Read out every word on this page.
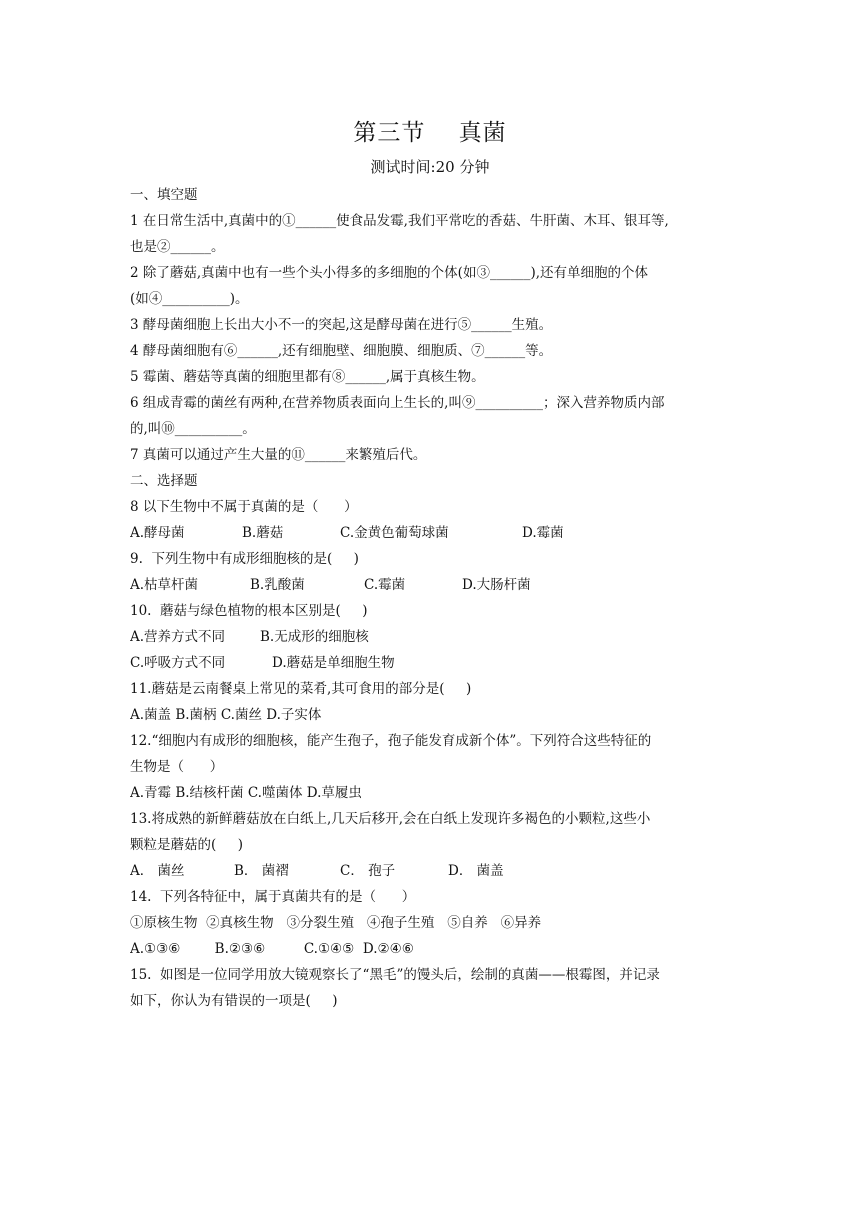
第三节    真菌
测试时间:20 分钟
一、填空题
1 在日常生活中,真菌中的①______使食品发霉,我们平常吃的香菇、牛肝菌、木耳、银耳等,
也是②______。
2 除了蘑菇,真菌中也有一些个头小得多的多细胞的个体(如③______),还有单细胞的个体
(如④__________)。
3 酵母菌细胞上长出大小不一的突起,这是酵母菌在进行⑤______生殖。
4 酵母菌细胞有⑥______,还有细胞壁、细胞膜、细胞质、⑦______等。
5 霉菌、蘑菇等真菌的细胞里都有⑧______,属于真核生物。
6 组成青霉的菌丝有两种,在营养物质表面向上生长的,叫⑨__________；深入营养物质内部
的,叫⑩__________。
7 真菌可以通过产生大量的⑪______来繁殖后代。
二、选择题
8 以下生物中不属于真菌的是（      ）
A.酵母菌	B.蘑菇	C.金黄色葡萄球菌	D.霉菌
9.  下列生物中有成形细胞核的是(     )
A.枯草杆菌	B.乳酸菌	C.霉菌	D.大肠杆菌
10.  蘑菇与绿色植物的根本区别是(     )
A.营养方式不同	B.无成形的细胞核
C.呼吸方式不同	D.蘑菇是单细胞生物
11.蘑菇是云南餐桌上常见的菜肴,其可食用的部分是(     )
A.菌盖 B.菌柄 C.菌丝 D.子实体
12.“细胞内有成形的细胞核，能产生孢子，孢子能发育成新个体”。下列符合这些特征的
生物是（      ）
A.青霉 B.结核杆菌 C.噬菌体 D.草履虫
13.将成熟的新鲜蘑菇放在白纸上,几天后移开,会在白纸上发现许多褐色的小颗粒,这些小
颗粒是蘑菇的(     )
A． 菌丝	B． 菌褶	C． 孢子	D． 菌盖
14.  下列各特征中，属于真菌共有的是（      ）
①原核生物  ②真核生物   ③分裂生殖   ④孢子生殖   ⑤自养   ⑥异养
A.①③⑥        B.②③⑥         C.①④⑤  D.②④⑥
15.  如图是一位同学用放大镜观察长了“黑毛”的馒头后，绘制的真菌——根霉图，并记录
如下，你认为有错误的一项是(     )
